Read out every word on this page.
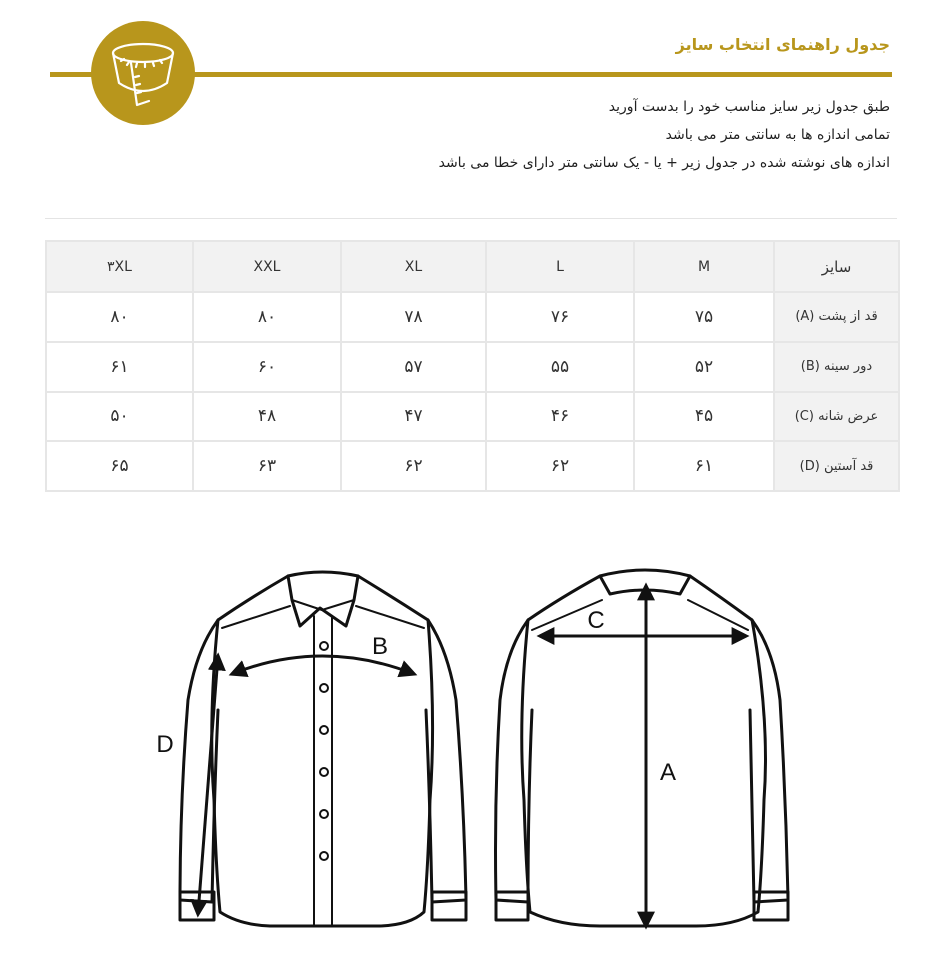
جدول راهنمای انتخاب سایز
طبق جدول زیر سایز مناسب خود را بدست آورید
تمامی اندازه ها به سانتی متر می باشد
اندازه های نوشته شده در جدول زیر + یا - یک سانتی متر دارای خطا می باشد
سایز	M	L	XL	XXL	۳XL
قد از پشت (A)	۷۵	۷۶	۷۸	۸۰	۸۰
دور سینه (B)	۵۲	۵۵	۵۷	۶۰	۶۱
عرض شانه (C)	۴۵	۴۶	۴۷	۴۸	۵۰
قد آستین (D)	۶۱	۶۲	۶۲	۶۳	۶۵
B
D
C
A
